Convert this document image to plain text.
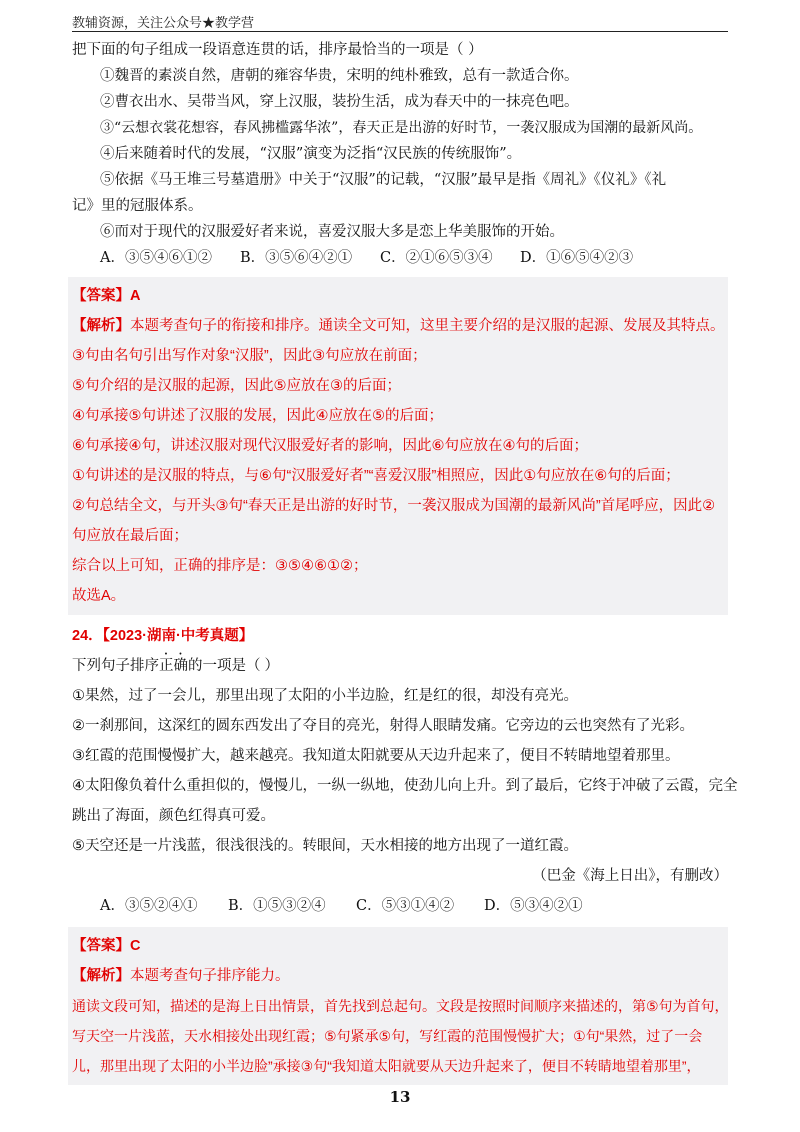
教辅资源，关注公众号★教学营
把下面的句子组成一段语意连贯的话，排序最恰当的一项是（ ）
①魏晋的素淡自然，唐朝的雍容华贵，宋明的纯朴雅致，总有一款适合你。
②曹衣出水、吴带当风，穿上汉服，装扮生活，成为春天中的一抹亮色吧。
③“云想衣裳花想容，春风拂槛露华浓”，春天正是出游的好时节，一袭汉服成为国潮的最新风尚。
④后来随着时代的发展，“汉服”演变为泛指“汉民族的传统服饰”。
⑤依据《马王堆三号墓遣册》中关于“汉服”的记载，“汉服”最早是指《周礼》《仪礼》《礼
记》里的冠服体系。
⑥而对于现代的汉服爱好者来说，喜爱汉服大多是恋上华美服饰的开始。
A．③⑤④⑥①② B．③⑤⑥④②① C．②①⑥⑤③④ D．①⑥⑤④②③
【答案】A
【解析】本题考查句子的衔接和排序。通读全文可知，这里主要介绍的是汉服的起源、发展及其特点。
③句由名句引出写作对象“汉服”，因此③句应放在前面；
⑤句介绍的是汉服的起源，因此⑤应放在③的后面；
④句承接⑤句讲述了汉服的发展，因此④应放在⑤的后面；
⑥句承接④句，讲述汉服对现代汉服爱好者的影响，因此⑥句应放在④句的后面；
①句讲述的是汉服的特点，与⑥句“汉服爱好者”“喜爱汉服”相照应，因此①句应放在⑥句的后面；
②句总结全文，与开头③句“春天正是出游的好时节，一袭汉服成为国潮的最新风尚”首尾呼应，因此②
句应放在最后面；
综合以上可知，正确的排序是：③⑤④⑥①②；
故选A。
24．【2023·湖南·中考真题】
下列句子排序正确的一项是（ ）
①果然，过了一会儿，那里出现了太阳的小半边脸，红是红的很，却没有亮光。
②一刹那间，这深红的圆东西发出了夺目的亮光，射得人眼睛发痛。它旁边的云也突然有了光彩。
③红霞的范围慢慢扩大，越来越亮。我知道太阳就要从天边升起来了，便目不转睛地望着那里。
④太阳像负着什么重担似的，慢慢儿，一纵一纵地，使劲儿向上升。到了最后，它终于冲破了云霞，完全
跳出了海面，颜色红得真可爱。
⑤天空还是一片浅蓝，很浅很浅的。转眼间，天水相接的地方出现了一道红霞。
（巴金《海上日出》，有删改）
A．③⑤②④① B．①⑤③②④ C．⑤③①④② D．⑤③④②①
【答案】C
【解析】本题考查句子排序能力。
通读文段可知，描述的是海上日出情景，首先找到总起句。文段是按照时间顺序来描述的，第⑤句为首句，
写天空一片浅蓝，天水相接处出现红霞；⑤句紧承⑤句，写红霞的范围慢慢扩大；①句“果然，过了一会
儿，那里出现了太阳的小半边脸”承接③句“我知道太阳就要从天边升起来了，便目不转睛地望着那里”，
13
